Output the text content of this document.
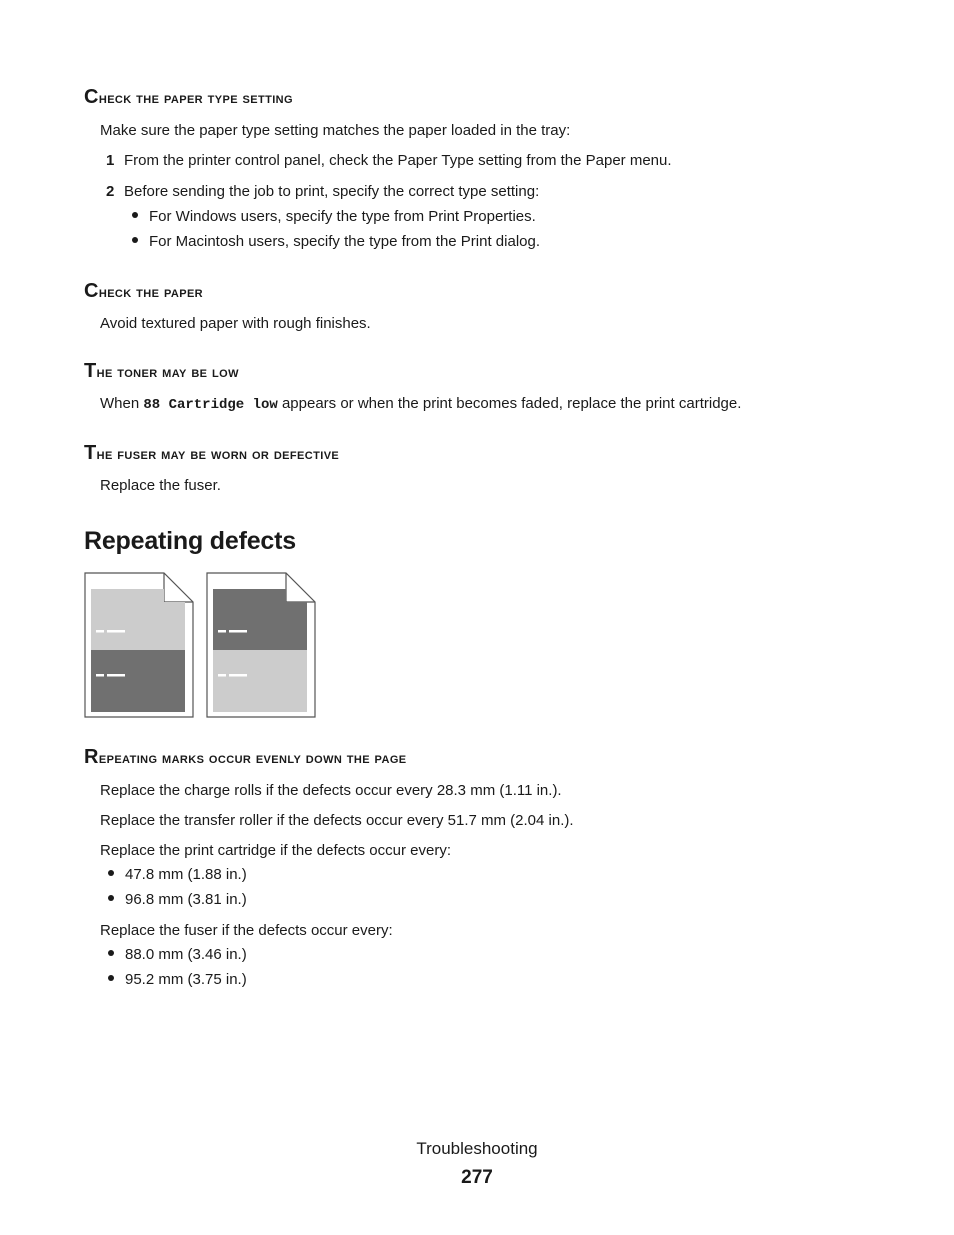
Check the paper type setting

Make sure the paper type setting matches the paper loaded in the tray:

1 From the printer control panel, check the Paper Type setting from the Paper menu.
2 Before sending the job to print, specify the correct type setting:
For Windows users, specify the type from Print Properties.
For Macintosh users, specify the type from the Print dialog.
Check the paper

Avoid textured paper with rough finishes.

The toner may be low

When 88 Cartridge low appears or when the print becomes faded, replace the print cartridge.

The fuser may be worn or defective

Replace the fuser.

Repeating defects
Repeating marks occur evenly down the page

Replace the charge rolls if the defects occur every 28.3 mm (1.11 in.).

Replace the transfer roller if the defects occur every 51.7 mm (2.04 in.).

Replace the print cartridge if the defects occur every:

47.8 mm (1.88 in.)
96.8 mm (3.81 in.)

Replace the fuser if the defects occur every:

88.0 mm (3.46 in.)
95.2 mm (3.75 in.)
Troubleshooting
277
